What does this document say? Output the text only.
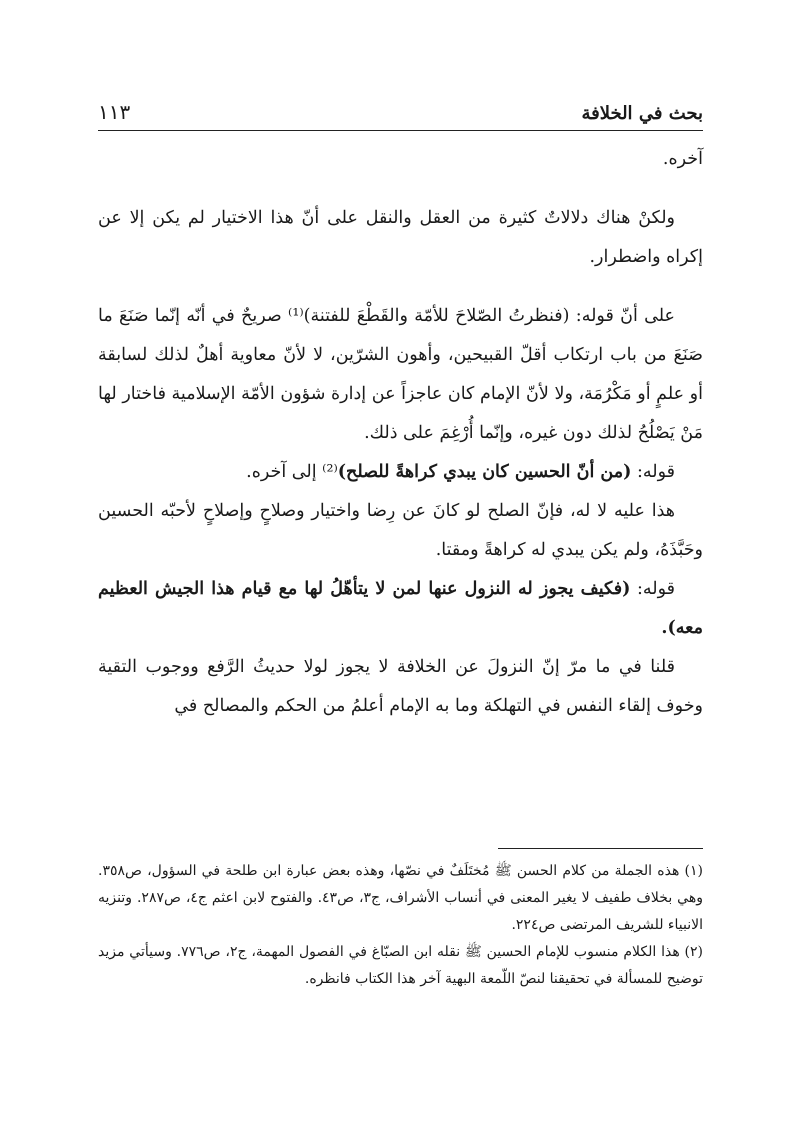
١١٣	بحث في الخلافة

آخره.

ولكنْ هناك دلالاتٌ كثيرة من العقل والنقل على أنّ هذا الاختيار لم يكن إلا عن إكراه واضطرار.

على أنّ قوله: (فنظرتُ الصّلاحَ للأمّة والقَطْعَ للفتنة)⁽¹⁾ صريحٌ في أنّه إنّما صَنَعَ ما صَنَعَ من باب ارتكاب أقلّ القبيحين، وأهون الشرّين، لا لأنّ معاوية أهلٌ لذلك لسابقة أو علمٍ أو مَكْرُمَة، ولا لأنّ الإمام كان عاجزاً عن إدارة شؤون الأمّة الإسلامية فاختار لها مَنْ يَصْلُحُ لذلك دون غيره، وإنّما أُرْغِمَ على ذلك.

قوله: (من أنّ الحسين كان يبدي كراهةً للصلح)⁽²⁾ إلى آخره.

هذا عليه لا له، فإنّ الصلح لو كانَ عن رِضا واختيار وصلاحٍ وإصلاحٍ لأحبّه الحسين وحَبَّذَهُ، ولم يكن يبدي له كراهةً ومقتا.

قوله: (فكيف يجوز له النزول عنها لمن لا يتأهّلُ لها مع قيام هذا الجيش العظيم معه).

قلنا في ما مرّ إنّ النزولَ عن الخلافة لا يجوز لولا حديثُ الرَّفع ووجوب التقية وخوف إلقاء النفس في التهلكة وما به الإمام أعلمُ من الحكم والمصالح في

(١) هذه الجملة من كلام الحسن ﷺ مُختَلَفٌ في نصّها، وهذه بعض عبارة ابن طلحة في السؤول، ص٣٥٨. وهي بخلاف طفيف لا يغير المعنى في أنساب الأشراف، ج٣، ص٤٣. والفتوح لابن اعثم ج٤، ص٢٨٧. وتنزيه الانبياء للشريف المرتضى ص٢٢٤.

(٢) هذا الكلام منسوب للإمام الحسين ﷺ نقله ابن الصبّاغ في الفصول المهمة، ج٢، ص٧٧٦. وسيأتي مزيد توضيح للمسألة في تحقيقنا لنصّ اللّمعة البهية آخر هذا الكتاب فانظره.
